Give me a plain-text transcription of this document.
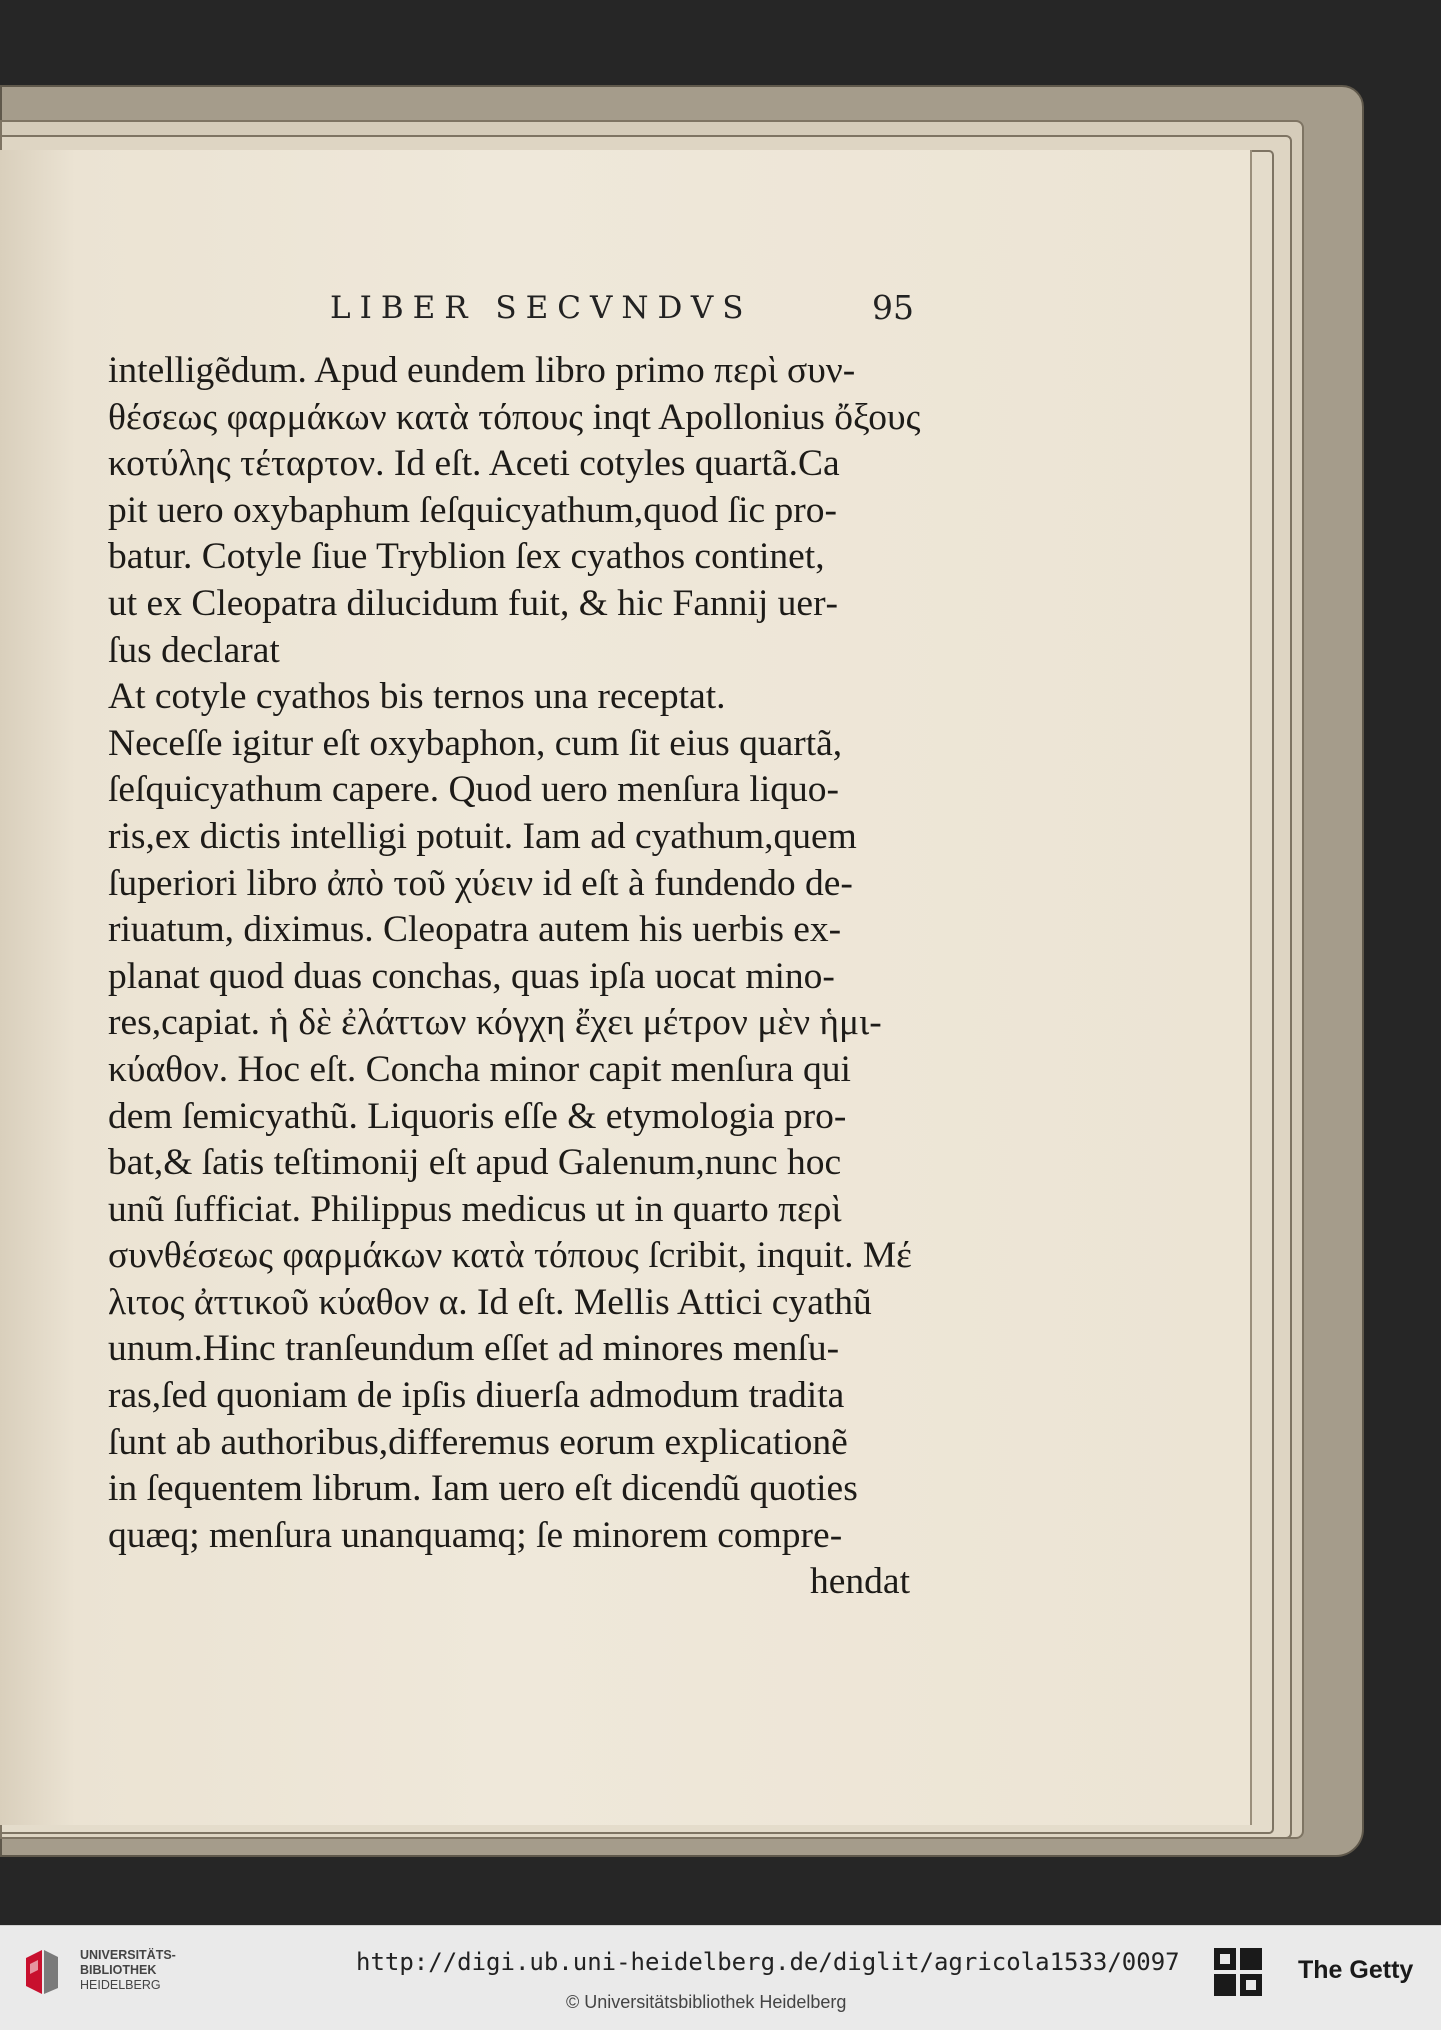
LIBER SECVNDVS	95
intelligẽdum. Apud eundem libro primo περὶ συν‐
θέσεως φαρμάκων κατὰ τόπους inqt Apollonius ὄξους
κοτύλης τέταρτον. Id eſt. Aceti cotyles quartã.Ca
pit uero oxybaphum ſeſquicyathum,quod ſic pro‐
batur. Cotyle ſiue Tryblion ſex cyathos continet,
ut ex Cleopatra dilucidum fuit, & hic Fannij uer‐
ſus declarat
At cotyle cyathos bis ternos una receptat.
Neceſſe igitur eſt oxybaphon, cum ſit eius quartã,
ſeſquicyathum capere. Quod uero menſura liquo‐
ris,ex dictis intelligi potuit. Iam ad cyathum,quem
ſuperiori libro ἀπὸ τοῦ χύειν id eſt à fundendo de‐
riuatum, diximus. Cleopatra autem his uerbis ex‐
planat quod duas conchas, quas ipſa uocat mino‐
res,capiat. ἡ δὲ ἐλάττων κόγχη ἔχει μέτρον μὲν ἡμι‐
κύαθον. Hoc eſt. Concha minor capit menſura qui
dem ſemicyathũ. Liquoris eſſe & etymologia pro‐
bat,& ſatis teſtimonij eſt apud Galenum,nunc hoc
unũ ſufficiat. Philippus medicus ut in quarto περὶ
συνθέσεως φαρμάκων κατὰ τόπους ſcribit, inquit. Μέ
λιτος ἀττικοῦ κύαθον α. Id eſt. Mellis Attici cyathũ
unum.Hinc tranſeundum eſſet ad minores menſu‐
ras,ſed quoniam de ipſis diuerſa admodum tradita
ſunt ab authoribus,differemus eorum explicationẽ
in ſequentem librum. Iam uero eſt dicendũ quoties
quæq; menſura unanquamq; ſe minorem compre‐
hendat
UNIVERSITÄTS-
BIBLIOTHEK
HEIDELBERG
http://digi.ub.uni-heidelberg.de/diglit/agricola1533/0097
© Universitätsbibliothek Heidelberg
The Getty
